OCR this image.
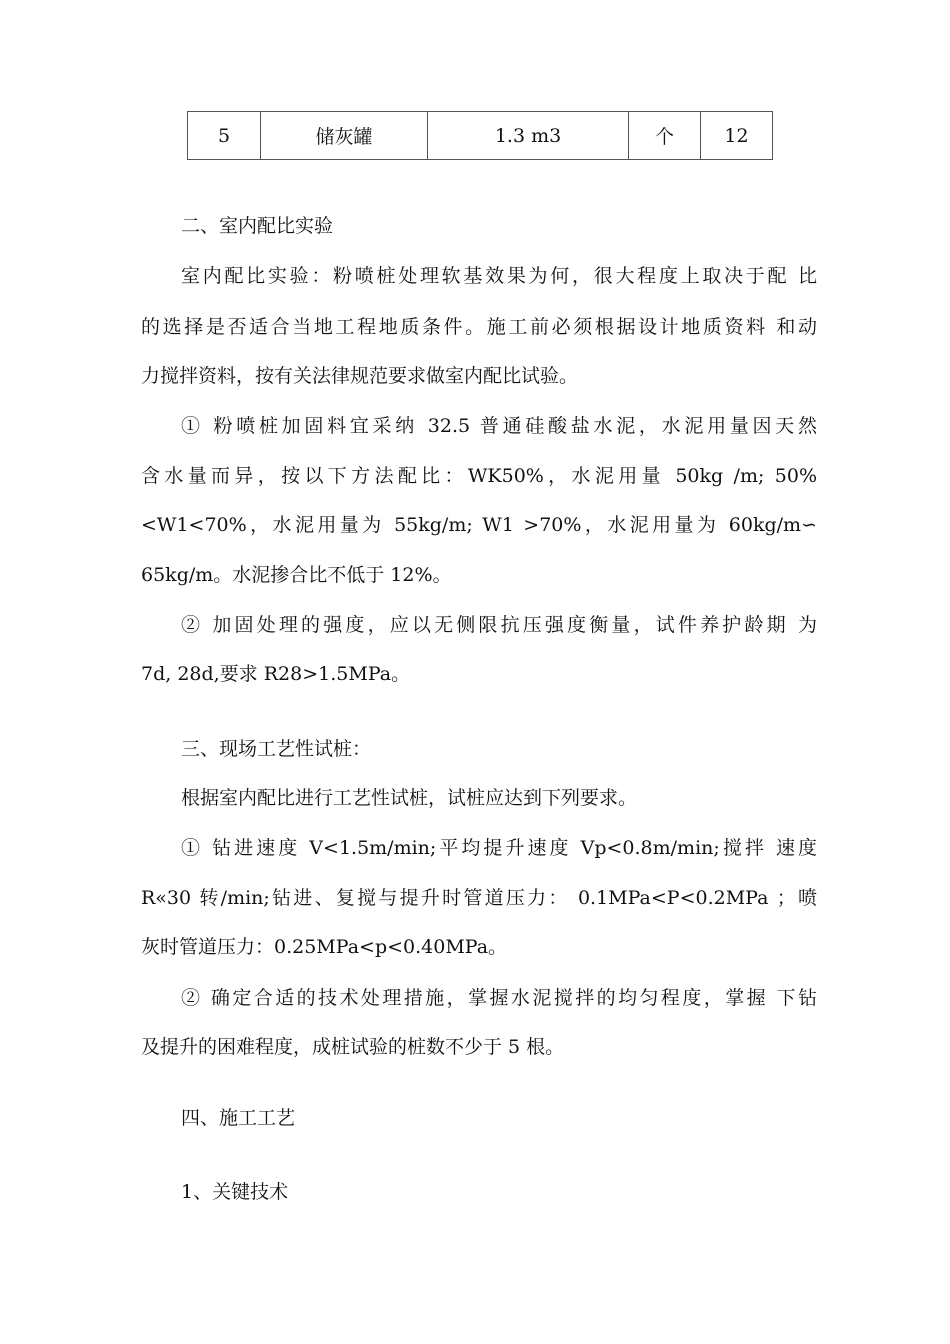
5	储灰罐	1.3 m3	个	12
二、室内配比实验
室内配比实验：粉喷桩处理软基效果为何，很大程度上取决于配 比
的选择是否适合当地工程地质条件。施工前必须根据设计地质资料 和动
力搅拌资料，按有关法律规范要求做室内配比试验。
① 粉喷桩加固料宜采纳 32.5 普通硅酸盐水泥，水泥用量因天然
含水量而异，按以下方法配比：WK50%，水泥用量 50kg /m; 50%
<W1<70%，水泥用量为 55kg/m; W1 >70%，水泥用量为 60kg/m∽
65kg/m。水泥掺合比不低于 12%。
② 加固处理的强度，应以无侧限抗压强度衡量，试件养护龄期 为
7d, 28d,要求 R28>1.5MPa。
三、现场工艺性试桩：
根据室内配比进行工艺性试桩，试桩应达到下列要求。
① 钻进速度 V<1.5m/min;平均提升速度 Vp<0.8m/min;搅拌 速度
R«30 转/min;钻进、复搅与提升时管道压力： 0.1MPa<P<0.2MPa ；喷
灰时管道压力：0.25MPa<p<0.40MPa。
② 确定合适的技术处理措施，掌握水泥搅拌的均匀程度，掌握 下钻
及提升的困难程度，成桩试验的桩数不少于 5 根。
四、施工工艺
1、关键技术
